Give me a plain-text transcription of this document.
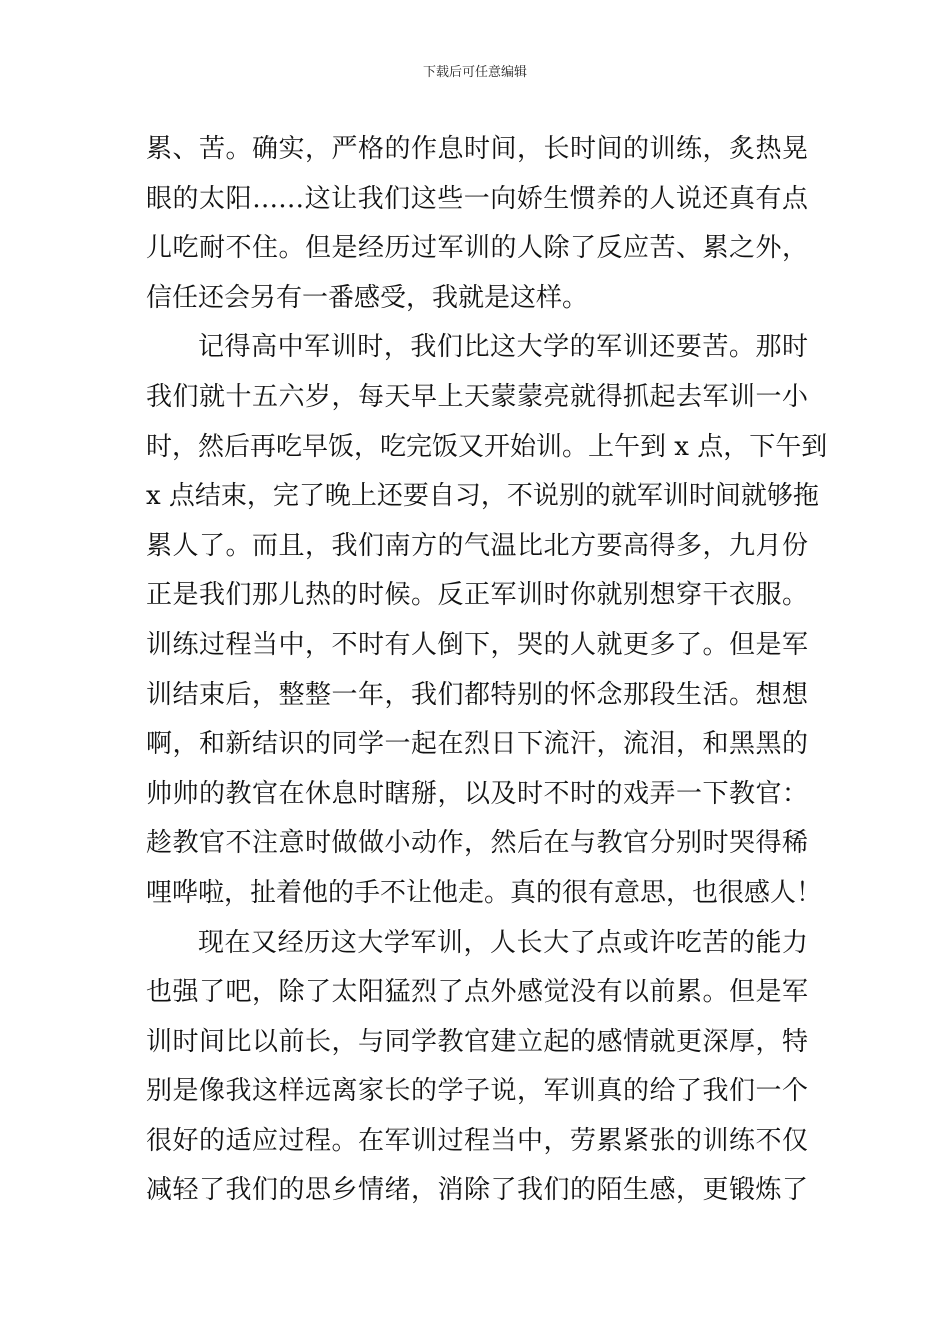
下载后可任意编辑
累、苦。确实，严格的作息时间，长时间的训练，炙热晃
眼的太阳……这让我们这些一向娇生惯养的人说还真有点
儿吃耐不住。但是经历过军训的人除了反应苦、累之外，
信任还会另有一番感受，我就是这样。
记得高中军训时，我们比这大学的军训还要苦。那时
我们就十五六岁，每天早上天蒙蒙亮就得抓起去军训一小
时，然后再吃早饭，吃完饭又开始训。上午到 x 点，下午到
x 点结束，完了晚上还要自习，不说别的就军训时间就够拖
累人了。而且，我们南方的气温比北方要高得多，九月份
正是我们那儿热的时候。反正军训时你就别想穿干衣服。
训练过程当中，不时有人倒下，哭的人就更多了。但是军
训结束后，整整一年，我们都特别的怀念那段生活。想想
啊，和新结识的同学一起在烈日下流汗，流泪，和黑黑的
帅帅的教官在休息时瞎掰，以及时不时的戏弄一下教官：
趁教官不注意时做做小动作，然后在与教官分别时哭得稀
哩哗啦，扯着他的手不让他走。真的很有意思，也很感人！
现在又经历这大学军训，人长大了点或许吃苦的能力
也强了吧，除了太阳猛烈了点外感觉没有以前累。但是军
训时间比以前长，与同学教官建立起的感情就更深厚，特
别是像我这样远离家长的学子说，军训真的给了我们一个
很好的适应过程。在军训过程当中，劳累紧张的训练不仅
减轻了我们的思乡情绪，消除了我们的陌生感，更锻炼了
